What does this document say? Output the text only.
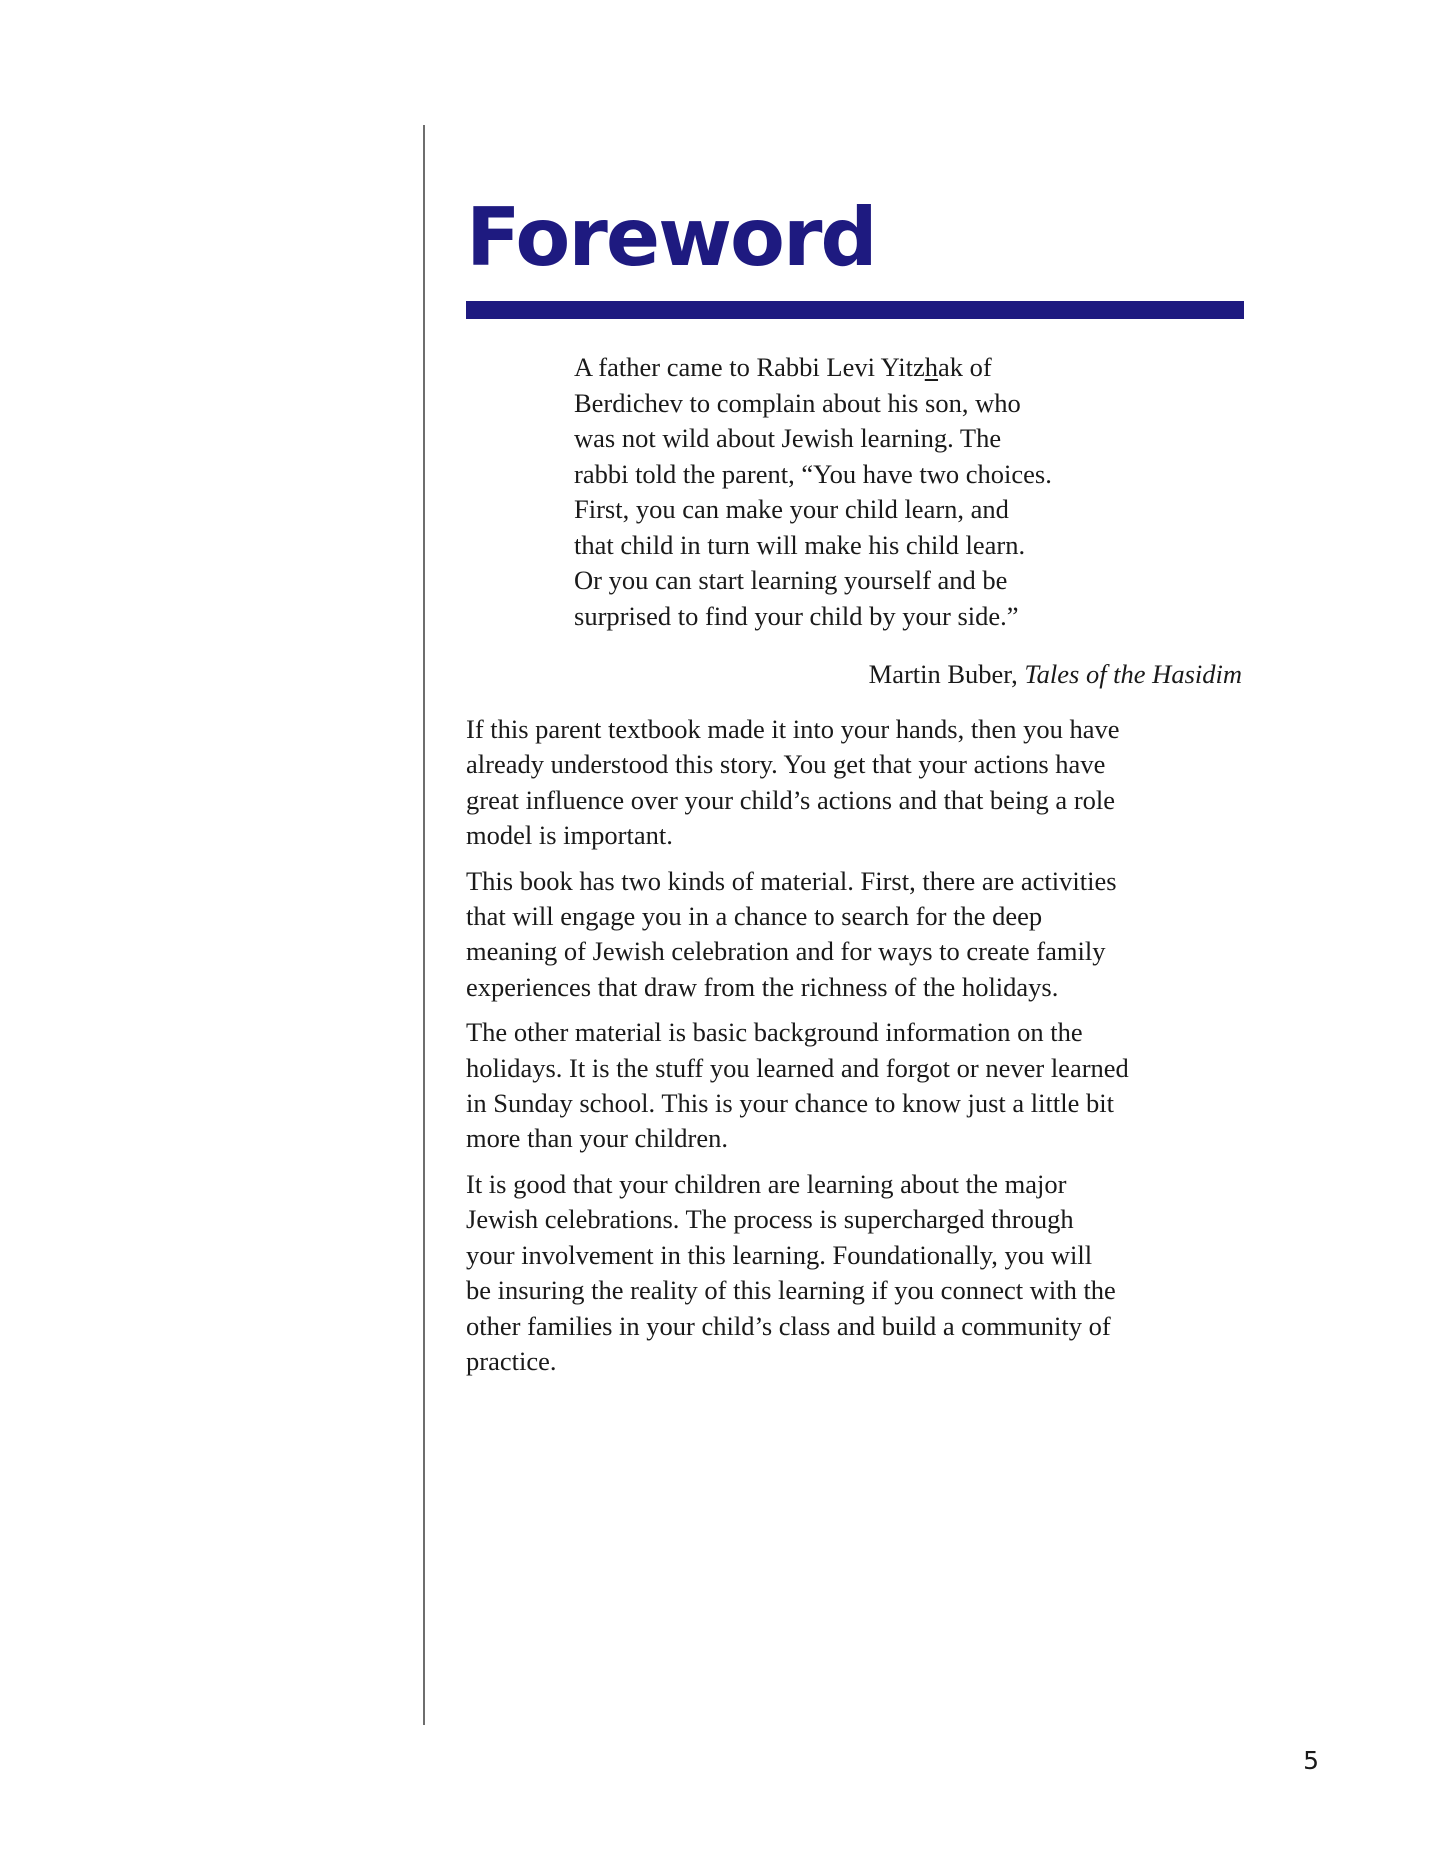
Foreword
A father came to Rabbi Levi Yitzhak of
Berdichev to complain about his son, who
was not wild about Jewish learning. The
rabbi told the parent, “You have two choices.
First, you can make your child learn, and
that child in turn will make his child learn.
Or you can start learning yourself and be
surprised to find your child by your side.”

Martin Buber, Tales of the Hasidim

If this parent textbook made it into your hands, then you have
already understood this story. You get that your actions have
great influence over your child’s actions and that being a role
model is important.

This book has two kinds of material. First, there are activities
that will engage you in a chance to search for the deep
meaning of Jewish celebration and for ways to create family
experiences that draw from the richness of the holidays.

The other material is basic background information on the
holidays. It is the stuff you learned and forgot or never learned
in Sunday school. This is your chance to know just a little bit
more than your children.

It is good that your children are learning about the major
Jewish celebrations. The process is supercharged through
your involvement in this learning. Foundationally, you will
be insuring the reality of this learning if you connect with the
other families in your child’s class and build a community of
practice.

5
